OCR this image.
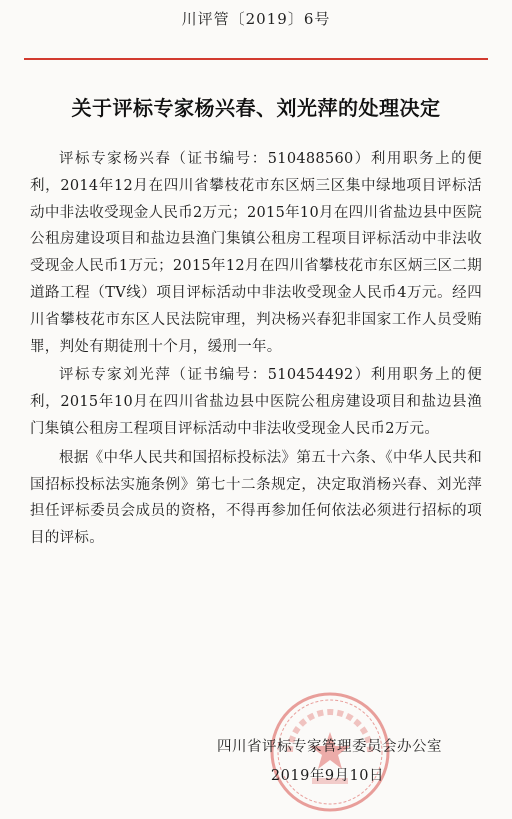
川评管〔2019〕6号
关于评标专家杨兴春、刘光萍的处理决定

评标专家杨兴春（证书编号：510488560）利用职务上的便利，2014年12月在四川省攀枝花市东区炳三区集中绿地项目评标活动中非法收受现金人民币2万元；2015年10月在四川省盐边县中医院公租房建设项目和盐边县渔门集镇公租房工程项目评标活动中非法收受现金人民币1万元；2015年12月在四川省攀枝花市东区炳三区二期道路工程（TV线）项目评标活动中非法收受现金人民币4万元。经四川省攀枝花市东区人民法院审理，判决杨兴春犯非国家工作人员受贿罪，判处有期徒刑十个月，缓刑一年。

评标专家刘光萍（证书编号：510454492）利用职务上的便利，2015年10月在四川省盐边县中医院公租房建设项目和盐边县渔门集镇公租房工程项目评标活动中非法收受现金人民币2万元。

根据《中华人民共和国招标投标法》第五十六条、《中华人民共和国招标投标法实施条例》第七十二条规定，决定取消杨兴春、刘光萍担任评标委员会成员的资格，不得再参加任何依法必须进行招标的项目的评标。

四川省评标专家管理委员会办公室
2019年9月10日
